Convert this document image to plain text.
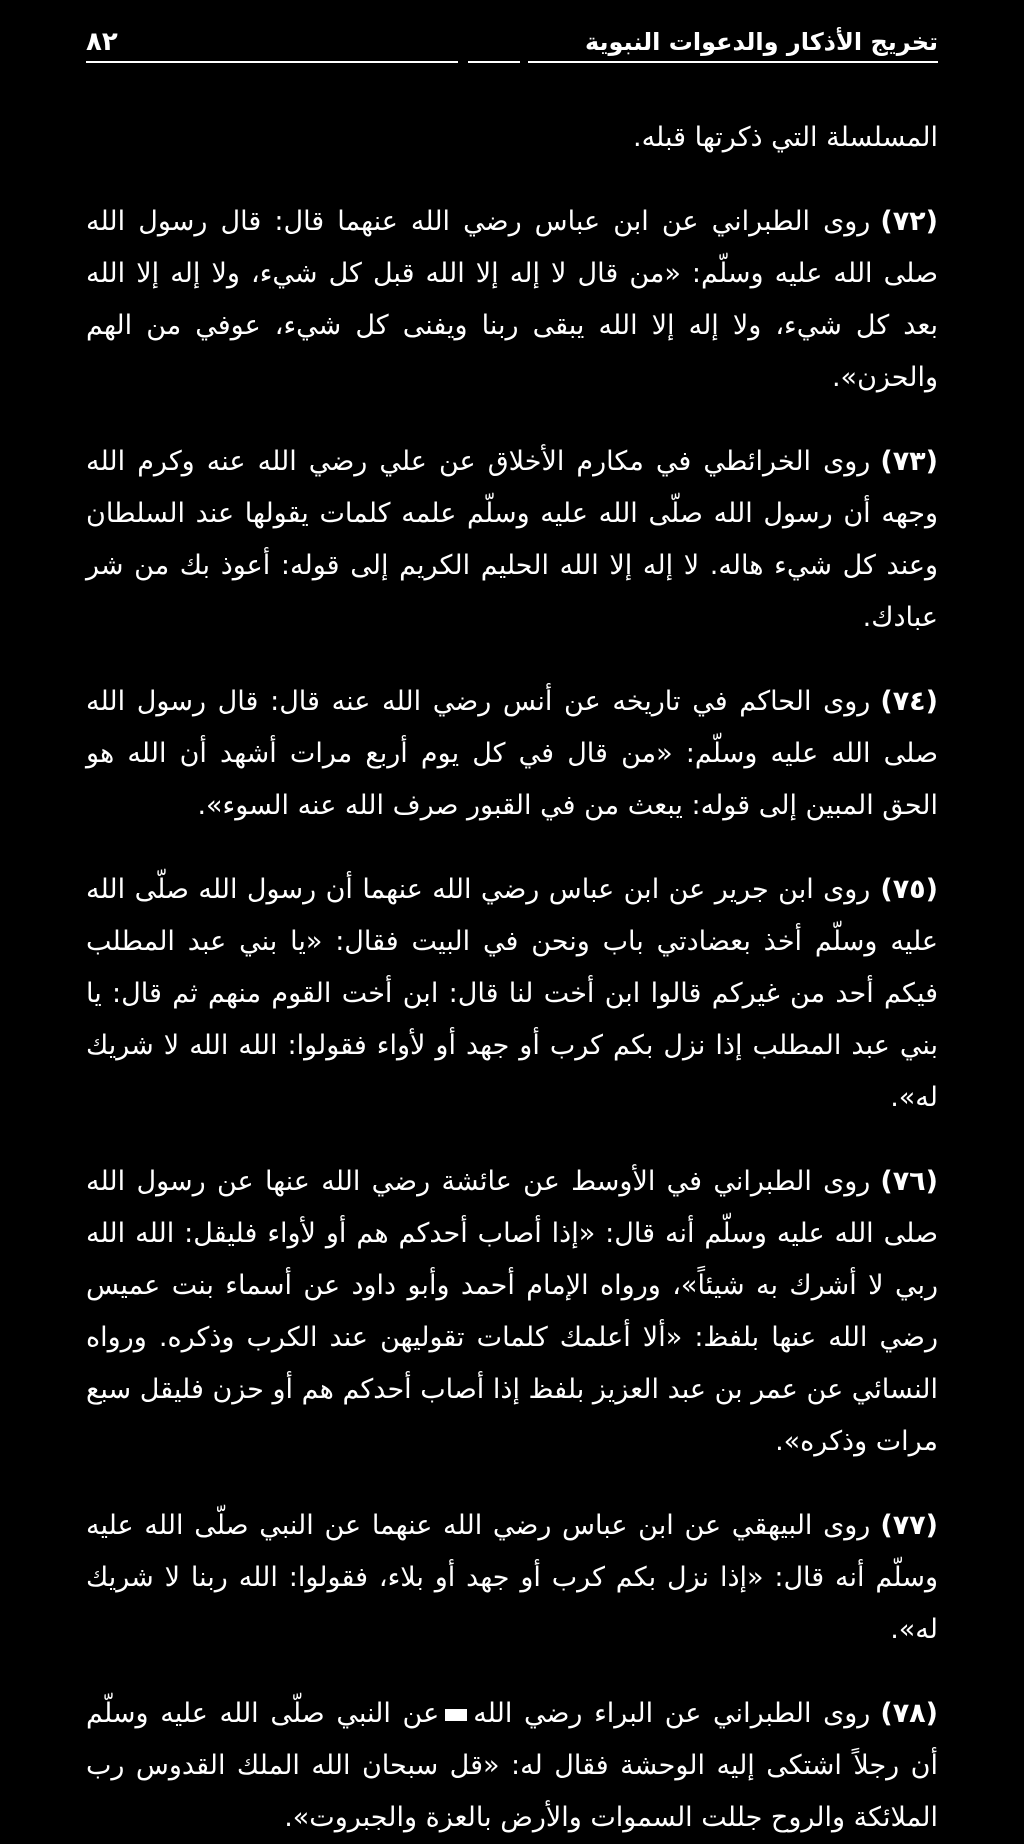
تخريج الأذكار والدعوات النبوية
٨٢

المسلسلة التي ذكرتها قبله.

(٧٢)روى الطبراني عن ابن عباس رضي الله عنهما قال: قال رسول الله صلى الله عليه وسلّم: «من قال لا إله إلا الله قبل كل شيء، ولا إله إلا الله بعد كل شيء، ولا إله إلا الله يبقى ربنا ويفنى كل شيء، عوفي من الهم والحزن».

(٧٣)روى الخرائطي في مكارم الأخلاق عن علي رضي الله عنه وكرم الله وجهه أن رسول الله صلّى الله عليه وسلّم علمه كلمات يقولها عند السلطان وعند كل شيء هاله. لا إله إلا الله الحليم الكريم إلى قوله: أعوذ بك من شر عبادك.

(٧٤)روى الحاكم في تاريخه عن أنس رضي الله عنه قال: قال رسول الله صلى الله عليه وسلّم: «من قال في كل يوم أربع مرات أشهد أن الله هو الحق المبين إلى قوله: يبعث من في القبور صرف الله عنه السوء».

(٧٥)روى ابن جرير عن ابن عباس رضي الله عنهما أن رسول الله صلّى الله عليه وسلّم أخذ بعضادتي باب ونحن في البيت فقال: «يا بني عبد المطلب فيكم أحد من غيركم قالوا ابن أخت لنا قال: ابن أخت القوم منهم ثم قال: يا بني عبد المطلب إذا نزل بكم كرب أو جهد أو لأواء فقولوا: الله الله لا شريك له».

(٧٦)روى الطبراني في الأوسط عن عائشة رضي الله عنها عن رسول الله صلى الله عليه وسلّم أنه قال: «إذا أصاب أحدكم هم أو لأواء فليقل: الله الله ربي لا أشرك به شيئاً»، ورواه الإمام أحمد وأبو داود عن أسماء بنت عميس رضي الله عنها بلفظ: «ألا أعلمك كلمات تقوليهن عند الكرب وذكره. ورواه النسائي عن عمر بن عبد العزيز بلفظ إذا أصاب أحدكم هم أو حزن فليقل سبع مرات وذكره».

(٧٧)روى البيهقي عن ابن عباس رضي الله عنهما عن النبي صلّى الله عليه وسلّم أنه قال: «إذا نزل بكم كرب أو جهد أو بلاء، فقولوا: الله ربنا لا شريك له».

(٧٨)روى الطبراني عن البراء رضي اللهعن النبي صلّى الله عليه وسلّم أن رجلاً اشتكى إليه الوحشة فقال له: «قل سبحان الله الملك القدوس رب الملائكة والروح جللت السموات والأرض بالعزة والجبروت».
